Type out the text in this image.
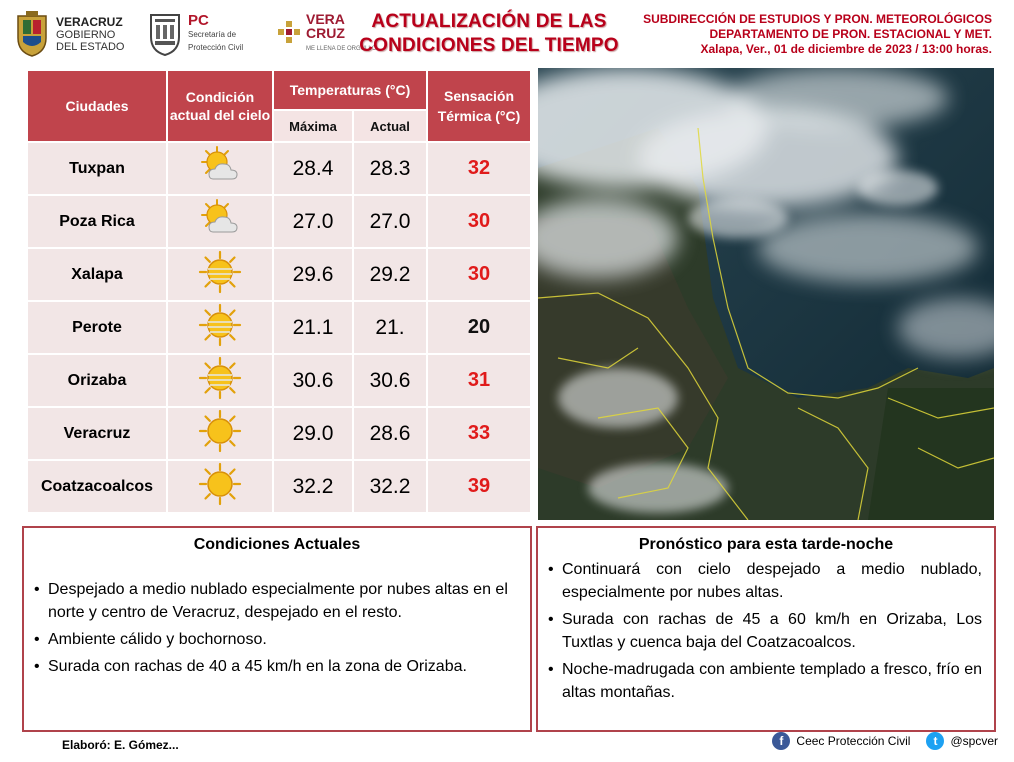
VERACRUZ
GOBIERNO
DEL ESTADO
PC
Secretaría de
Protección Civil
VERA
CRUZ
ME LLENA DE ORGULLO
ACTUALIZACIÓN DE LAS
CONDICIONES DEL TIEMPO
SUBDIRECCIÓN DE ESTUDIOS Y PRON. METEOROLÓGICOS
DEPARTAMENTO DE PRON. ESTACIONAL Y MET.
Xalapa, Ver., 01 de diciembre de 2023 / 13:00 horas.
Ciudades	Condición actual del cielo	Temperaturas (°C)		Sensación Térmica (°C)
		Máxima	Actual	
Tuxpan		28.4	28.3	32
Poza Rica		27.0	27.0	30
Xalapa		29.6	29.2	30
Perote		21.1	21.	20
Orizaba		30.6	30.6	31
Veracruz		29.0	28.6	33
Coatzacoalcos		32.2	32.2	39
Condiciones Actuales
• Despejado a medio nublado especialmente por nubes altas en el norte y centro de Veracruz, despejado en el resto.
• Ambiente cálido y bochornoso.
• Surada con rachas de 40 a 45 km/h en la zona de Orizaba.
Pronóstico para esta tarde-noche
• Continuará con cielo despejado a medio nublado, especialmente por nubes altas.
• Surada con rachas de 45 a 60 km/h en Orizaba, Los Tuxtlas y cuenca baja del Coatzacoalcos.
• Noche-madrugada con ambiente templado a fresco, frío en altas montañas.
Elaboró: E. Gómez...	f	Ceec Protección Civil	t	@spcver
